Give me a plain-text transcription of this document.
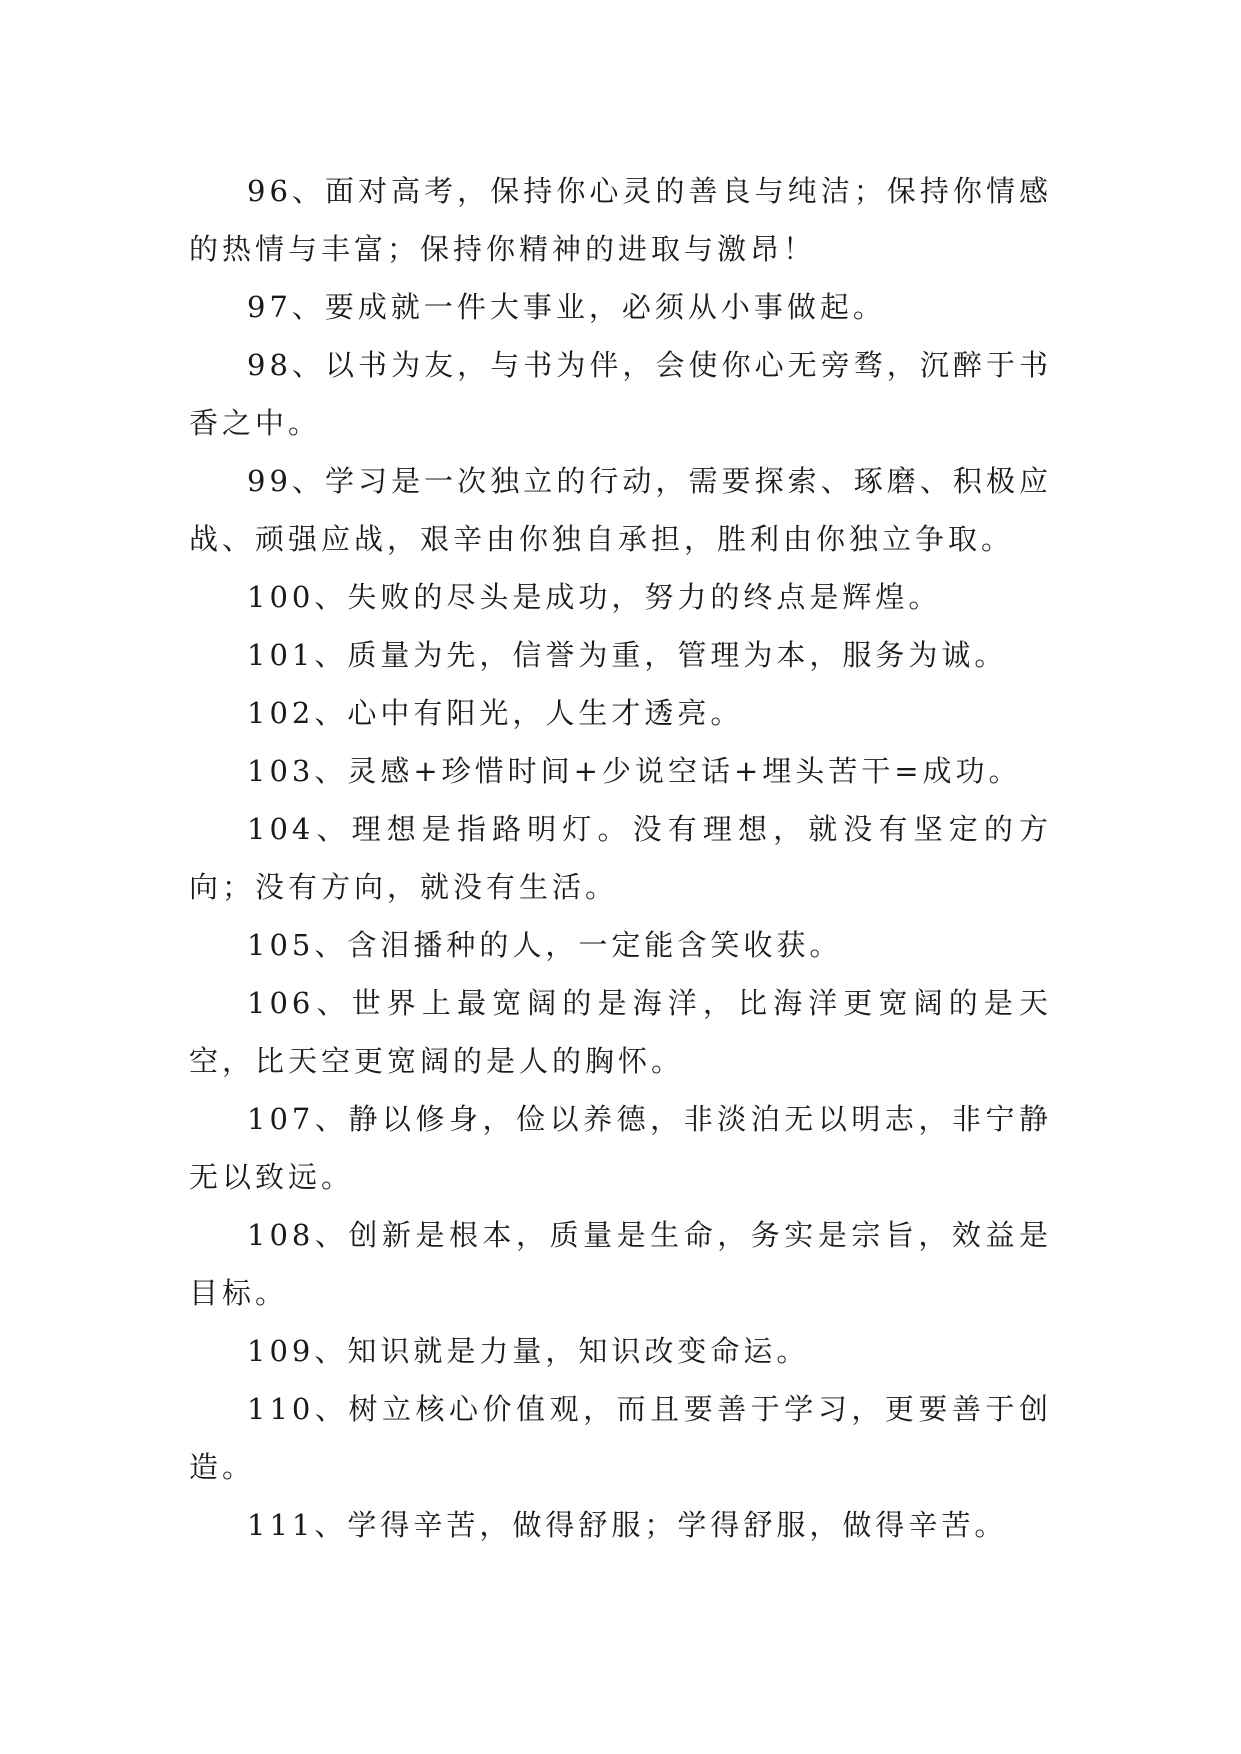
96、面对高考，保持你心灵的善良与纯洁；保持你情感的热情与丰富；保持你精神的进取与激昂！

97、要成就一件大事业，必须从小事做起。

98、以书为友，与书为伴，会使你心无旁骛，沉醉于书香之中。

99、学习是一次独立的行动，需要探索、琢磨、积极应战、顽强应战，艰辛由你独自承担，胜利由你独立争取。

100、失败的尽头是成功，努力的终点是辉煌。

101、质量为先，信誉为重，管理为本，服务为诚。

102、心中有阳光，人生才透亮。

103、灵感+珍惜时间+少说空话+埋头苦干=成功。

104、理想是指路明灯。没有理想，就没有坚定的方向；没有方向，就没有生活。

105、含泪播种的人，一定能含笑收获。

106、世界上最宽阔的是海洋，比海洋更宽阔的是天空，比天空更宽阔的是人的胸怀。

107、静以修身，俭以养德，非淡泊无以明志，非宁静无以致远。

108、创新是根本，质量是生命，务实是宗旨，效益是目标。

109、知识就是力量，知识改变命运。

110、树立核心价值观，而且要善于学习，更要善于创造。

111、学得辛苦，做得舒服；学得舒服，做得辛苦。
